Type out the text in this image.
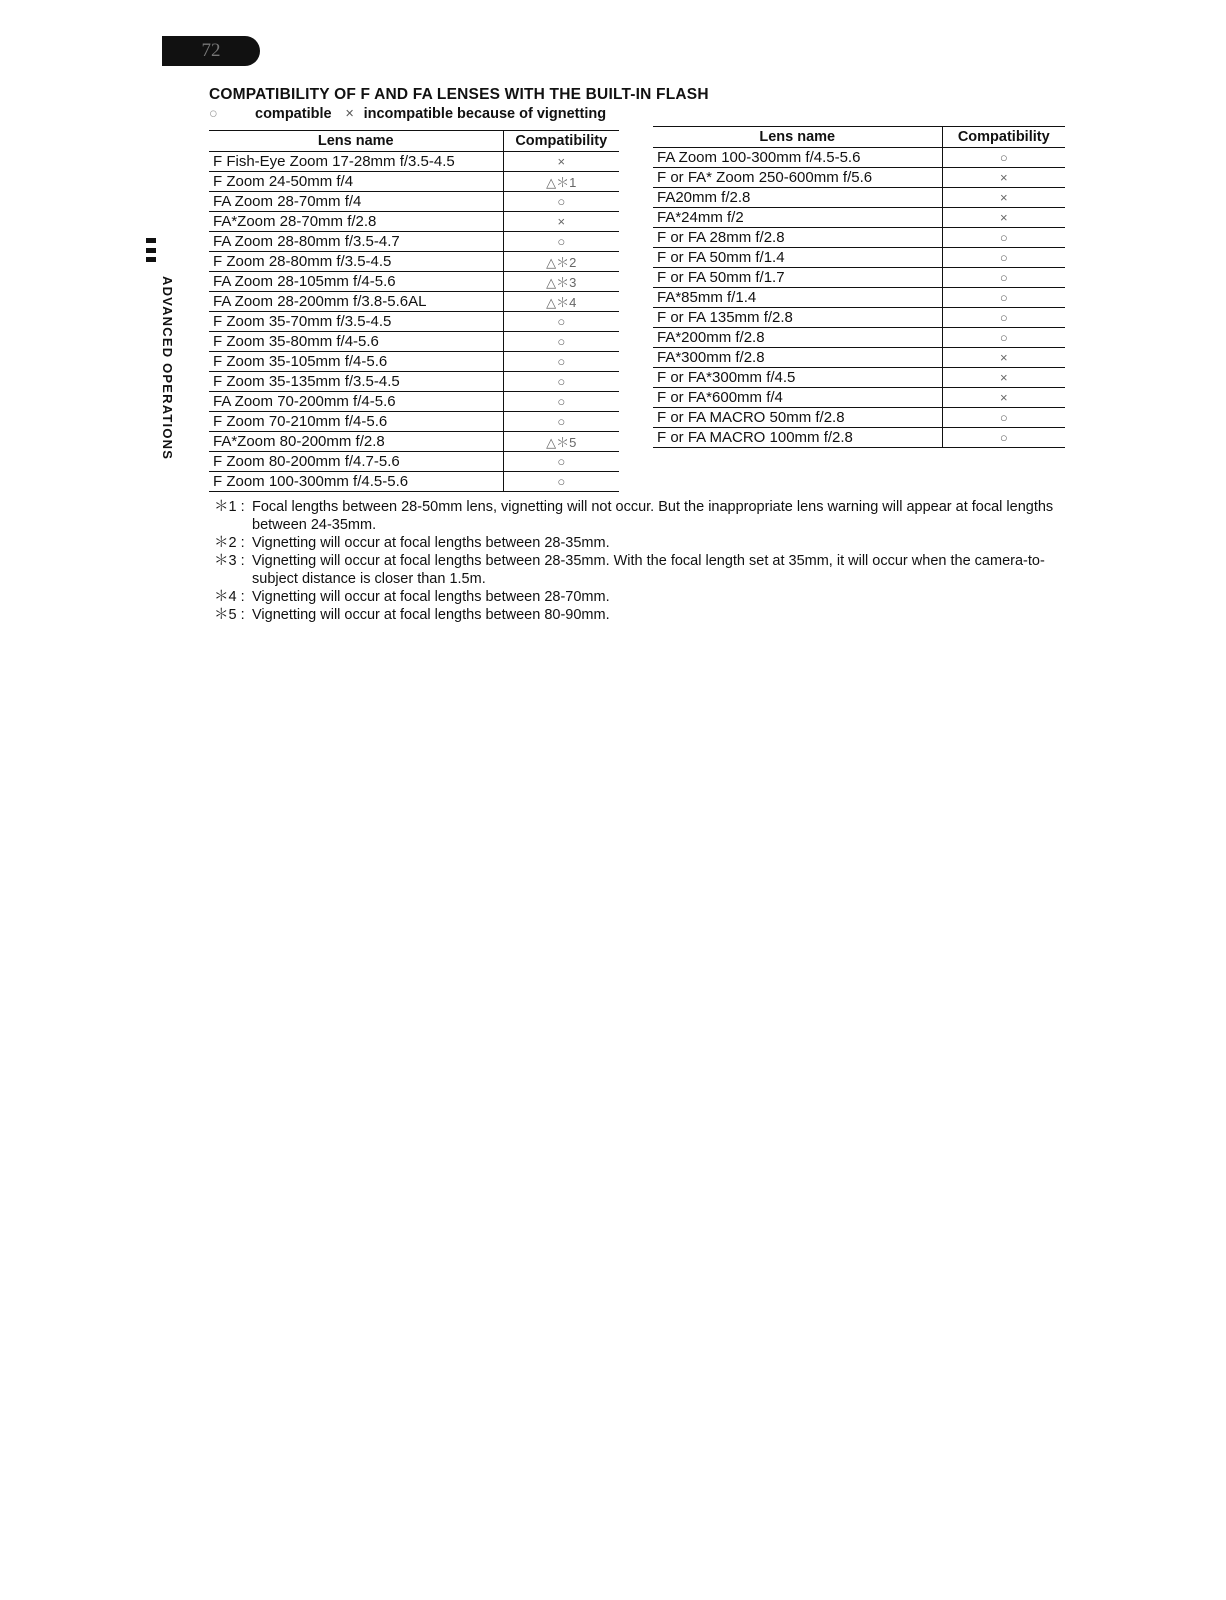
72
ADVANCED OPERATIONS
COMPATIBILITY OF F AND FA LENSES WITH THE BUILT-IN FLASH
○	compatible × incompatible because of vignetting
Lens name	Compatibility
F Fish-Eye Zoom 17-28mm f/3.5-4.5	×
F Zoom 24-50mm f/4	△＊1
FA Zoom 28-70mm f/4	○
FA*Zoom 28-70mm f/2.8	×
FA Zoom 28-80mm f/3.5-4.7	○
F Zoom 28-80mm f/3.5-4.5	△＊2
FA Zoom 28-105mm f/4-5.6	△＊3
FA Zoom 28-200mm f/3.8-5.6AL	△＊4
F Zoom 35-70mm f/3.5-4.5	○
F Zoom 35-80mm f/4-5.6	○
F Zoom 35-105mm f/4-5.6	○
F Zoom 35-135mm f/3.5-4.5	○
FA Zoom 70-200mm f/4-5.6	○
F Zoom 70-210mm f/4-5.6	○
FA*Zoom 80-200mm f/2.8	△＊5
F Zoom 80-200mm f/4.7-5.6	○
F Zoom 100-300mm f/4.5-5.6	○
Lens name	Compatibility
FA Zoom 100-300mm f/4.5-5.6	○
F or FA* Zoom 250-600mm f/5.6	×
FA20mm f/2.8	×
FA*24mm f/2	×
F or FA 28mm f/2.8	○
F or FA 50mm f/1.4	○
F or FA 50mm f/1.7	○
FA*85mm f/1.4	○
F or FA 135mm f/2.8	○
FA*200mm f/2.8	○
FA*300mm f/2.8	×
F or FA*300mm f/4.5	×
F or FA*600mm f/4	×
F or FA MACRO 50mm f/2.8	○
F or FA MACRO 100mm f/2.8	○
＊1 : Focal lengths between 28-50mm lens, vignetting will not occur. But the inappropriate lens warning will appear at focal lengths between 24-35mm.
＊2 : Vignetting will occur at focal lengths between 28-35mm.
＊3 : Vignetting will occur at focal lengths between 28-35mm. With the focal length set at 35mm, it will occur when the camera-to-subject distance is closer than 1.5m.
＊4 : Vignetting will occur at focal lengths between 28-70mm.
＊5 : Vignetting will occur at focal lengths between 80-90mm.
